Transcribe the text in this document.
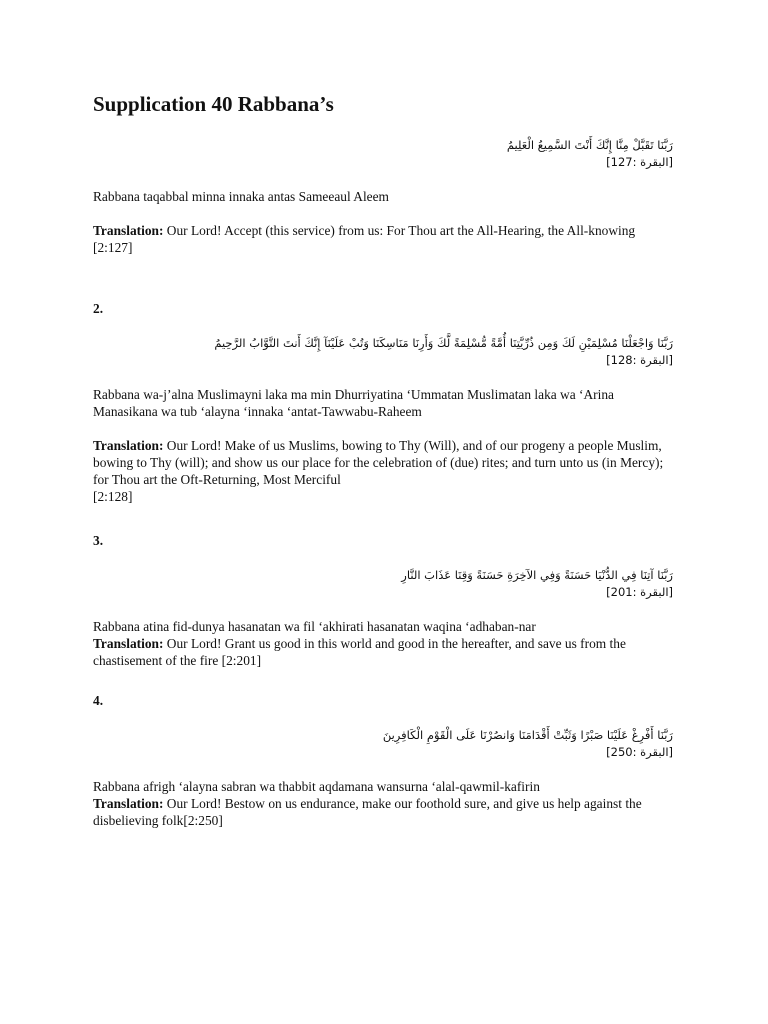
Supplication 40 Rabbana’s

رَبَّنَا تَقَبَّلْ مِنَّا إِنَّكَ أَنْتَ السَّمِيعُ الْعَلِيمُ

[البقرة :127]

Rabbana taqabbal minna innaka antas Sameeaul Aleem

Translation: Our Lord! Accept (this service) from us: For Thou art the All-Hearing, the All-knowing

[2:127]

2.

رَبَّنَا وَاجْعَلْنَا مُسْلِمَيْنِ لَكَ وَمِن ذُرِّيَّتِنَا أُمَّةً مُّسْلِمَةً لَّكَ وَأَرِنَا مَنَاسِكَنَا وَتُبْ عَلَيْنَآ إِنَّكَ أَنتَ التَّوَّابُ الرَّحِيمُ

[البقرة :128]

Rabbana wa-j’alna Muslimayni laka ma min Dhurriyatina ‘Ummatan Muslimatan laka wa ‘Arina Manasikana wa tub ‘alayna ‘innaka ‘antat-Tawwabu-Raheem

Translation: Our Lord! Make of us Muslims, bowing to Thy (Will), and of our progeny a people Muslim, bowing to Thy (will); and show us our place for the celebration of (due) rites; and turn unto us (in Mercy); for Thou art the Oft-Returning, Most Merciful

[2:128]

3.

رَبَّنَا آتِنَا فِي الدُّنْيَا حَسَنَةً وَفِي الآخِرَةِ حَسَنَةً وَقِنَا عَذَابَ النَّارِ

[البقرة :201]

Rabbana atina fid-dunya hasanatan wa fil ‘akhirati hasanatan waqina ‘adhaban-nar

Translation: Our Lord! Grant us good in this world and good in the hereafter, and save us from the chastisement of the fire [2:201]

4.

رَبَّنَا أَفْرِغْ عَلَيْنَا صَبْرًا وَثَبِّتْ أَقْدَامَنَا وَانصُرْنَا عَلَى الْقَوْمِ الْكَافِرِينَ

[البقرة :250]

Rabbana afrigh ‘alayna sabran wa thabbit aqdamana wansurna ‘alal-qawmil-kafirin

Translation: Our Lord! Bestow on us endurance, make our foothold sure, and give us help against the disbelieving folk[2:250]
